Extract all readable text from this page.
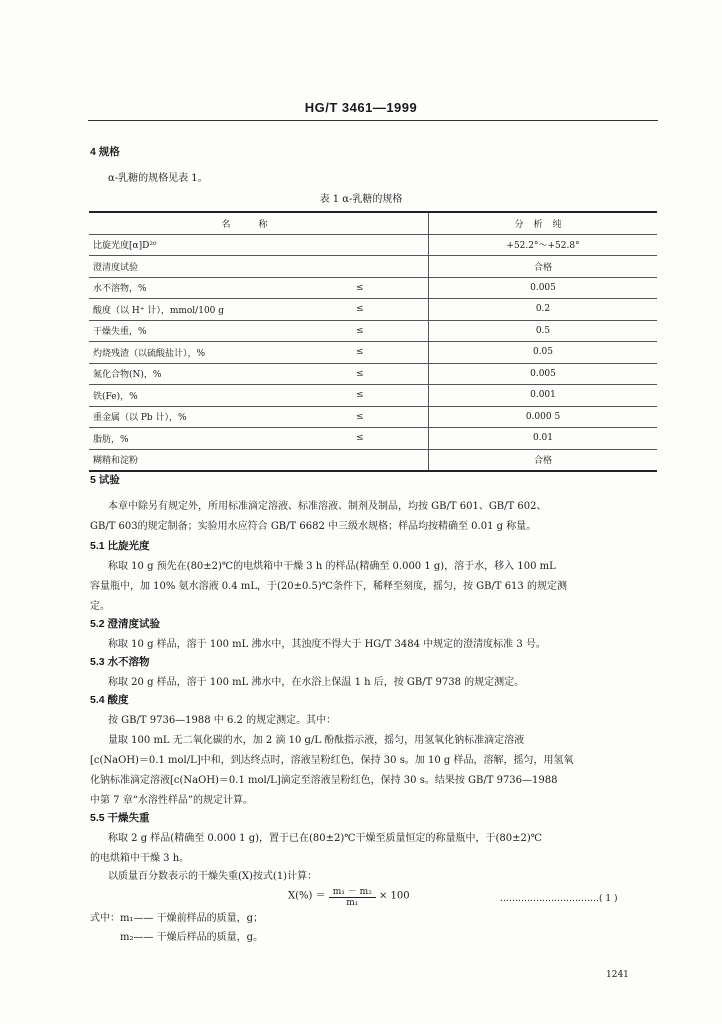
HG/T 3461—1999
4 规格
α-乳糖的规格见表 1。
表 1 α-乳糖的规格
名称		分析纯
比旋光度[α]D²⁰		+52.2°～+52.8°
澄清度试验		合格
水不溶物，%	≤	0.005
酸度（以 H⁺ 计），mmol/100 g	≤	0.2
干燥失重，%	≤	0.5
灼烧残渣（以硫酸盐计），%	≤	0.05
氮化合物(N)，%	≤	0.005
铁(Fe)，%	≤	0.001
重金属（以 Pb 计），%	≤	0.000 5
脂肪，%	≤	0.01
糊精和淀粉		合格
5 试验
本章中除另有规定外，所用标准滴定溶液、标准溶液、制剂及制品，均按 GB/T 601、GB/T 602、
GB/T 603的规定制备；实验用水应符合 GB/T 6682 中三级水规格；样品均按精确至 0.01 g 称量。
5.1 比旋光度
称取 10 g 预先在(80±2)℃的电烘箱中干燥 3 h 的样品(精确至 0.000 1 g)，溶于水，移入 100 mL
容量瓶中，加 10% 氨水溶液 0.4 mL，于(20±0.5)℃条件下，稀释至刻度，摇匀，按 GB/T 613 的规定测
定。
5.2 澄清度试验
称取 10 g 样品，溶于 100 mL 沸水中，其浊度不得大于 HG/T 3484 中规定的澄清度标准 3 号。
5.3 水不溶物
称取 20 g 样品，溶于 100 mL 沸水中，在水浴上保温 1 h 后，按 GB/T 9738 的规定测定。
5.4 酸度
按 GB/T 9736—1988 中 6.2 的规定测定。其中：
量取 100 mL 无二氧化碳的水，加 2 滴 10 g/L 酚酞指示液，摇匀，用氢氧化钠标准滴定溶液
[c(NaOH)＝0.1 mol/L]中和，到达终点时，溶液呈粉红色，保持 30 s。加 10 g 样品，溶解，摇匀，用氢氧
化钠标准滴定溶液[c(NaOH)＝0.1 mol/L]滴定至溶液呈粉红色，保持 30 s。结果按 GB/T 9736—1988
中第 7 章“水溶性样品”的规定计算。
5.5 干燥失重
称取 2 g 样品(精确至 0.000 1 g)，置于已在(80±2)℃干燥至质量恒定的称量瓶中，于(80±2)℃
的电烘箱中干燥 3 h。
以质量百分数表示的干燥失重(X)按式(1)计算：
$X(\%) = \frac{\text{m₁ － m₂}}{\text{m₁}} \times 100$	……………………………( 1 )
式中：m₁—— 干燥前样品的质量，g；
m₂—— 干燥后样品的质量，g。
1241
